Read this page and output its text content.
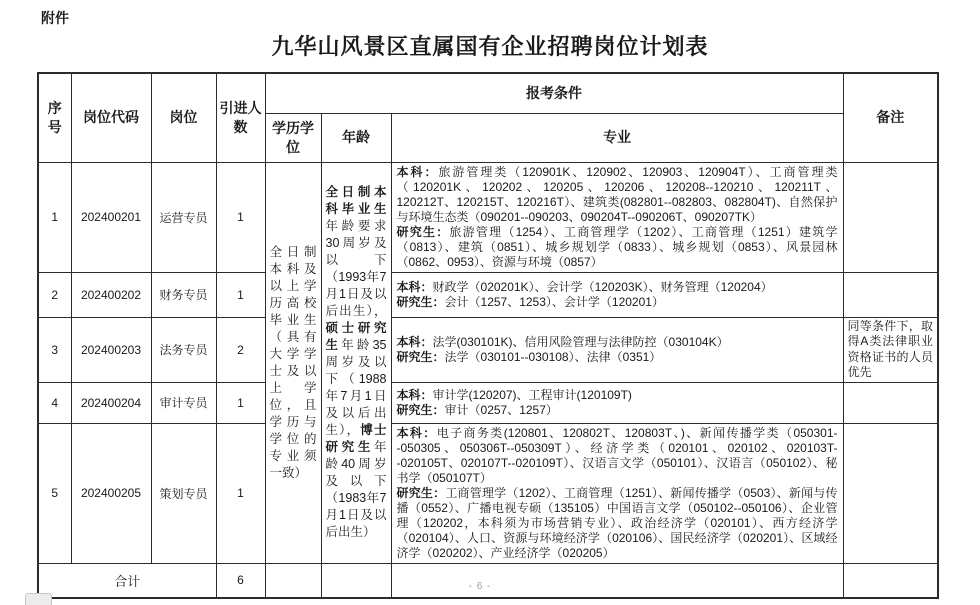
附件
九华山风景区直属国有企业招聘岗位计划表
序号	岗位代码	岗位	引进人数	报考条件			备注
				学历学位	年龄	专业	
1	202400201	运营专员	1	全日制本科及以上学历高校毕业生（具有大学学士及以上学位，且学历与学位的专业须一致）	全日制本科毕业生年龄要求30周岁及以下（1993年7月1日及以后出生），硕士研究生年龄35周岁及以下（1988年7月1日及以后出生），博士研究生年龄40周岁及以下（1983年7月1日及以后出生）	本科：旅游管理类（120901K、120902、120903、120904T）、工商管理类（120201K、120202、120205、120206、120208--120210、120211T、120212T、120215T、120216T）、建筑类(082801--082803、082804T)、自然保护与环境生态类（090201--090203、090204T--090206T、090207TK）
研究生：旅游管理（1254）、工商管理学（1202）、工商管理（1251）建筑学（0813）、建筑（0851）、城乡规划学（0833）、城乡规划（0853）、风景园林（0862、0953）、资源与环境（0857）	

2	202400202	财务专员	1			本科：财政学（020201K）、会计学（120203K）、财务管理（120204）
研究生：会计（1257、1253）、会计学（120201）	

3	202400203	法务专员	2			本科：法学(030101K)、信用风险管理与法律防控（030104K）
研究生：法学（030101--030108）、法律（0351）	同等条件下，取得A类法律职业资格证书的人员优先
4	202400204	审计专员	1			本科：审计学(120207)、工程审计(120109T)
研究生：审计（0257、1257）	

5	202400205	策划专员	1			本科：电子商务类(120801、120802T、120803T、)、新闻传播学类（050301--050305、050306T--050309T）、经济学类（020101、020102、020103T--020105T、020107T--020109T）、汉语言文学（050101）、汉语言（050102）、秘书学（050107T）
研究生：工商管理学（1202）、工商管理（1251）、新闻传播学（0503）、新闻与传播（0552）、广播电视专硕（135105）中国语言文学（050102--050106）、企业管理（120202，本科须为市场营销专业）、政治经济学（020101）、西方经济学（020104）、人口、资源与环境经济学（020106）、国民经济学（020201）、区域经济学（020202）、产业经济学（020205）	

合计			6					- 6 -
